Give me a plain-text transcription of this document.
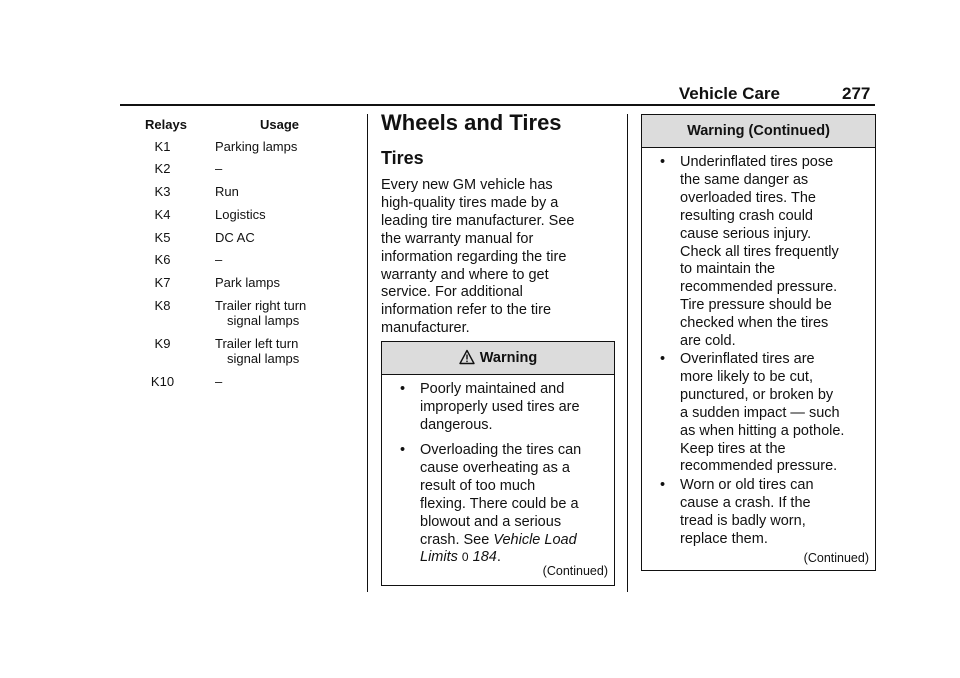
Vehicle Care	277
Relays	Usage
K1	Parking lamps
K2	–
K3	Run
K4	Logistics
K5	DC AC
K6	–
K7	Park lamps
K8	Trailer right turn
signal lamps
K9	Trailer left turn
signal lamps
K10	–
Wheels and Tires
Tires
Every new GM vehicle has
high-quality tires made by a
leading tire manufacturer. See
the warranty manual for
information regarding the tire
warranty and where to get
service. For additional
information refer to the tire
manufacturer.
Warning
• Poorly maintained and
improperly used tires are
dangerous.
• Overloading the tires can
cause overheating as a
result of too much
flexing. There could be a
blowout and a serious
crash. See Vehicle Load
Limits 0 184.
(Continued)
Warning (Continued)
• Underinflated tires pose
the same danger as
overloaded tires. The
resulting crash could
cause serious injury.
Check all tires frequently
to maintain the
recommended pressure.
Tire pressure should be
checked when the tires
are cold.
• Overinflated tires are
more likely to be cut,
punctured, or broken by
a sudden impact — such
as when hitting a pothole.
Keep tires at the
recommended pressure.
• Worn or old tires can
cause a crash. If the
tread is badly worn,
replace them.
(Continued)
